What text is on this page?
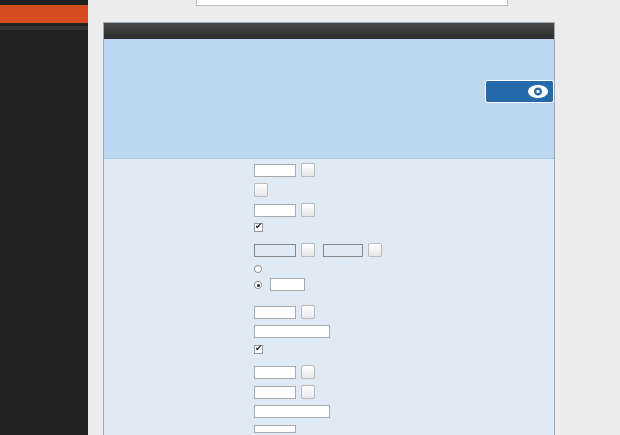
✔
✔
